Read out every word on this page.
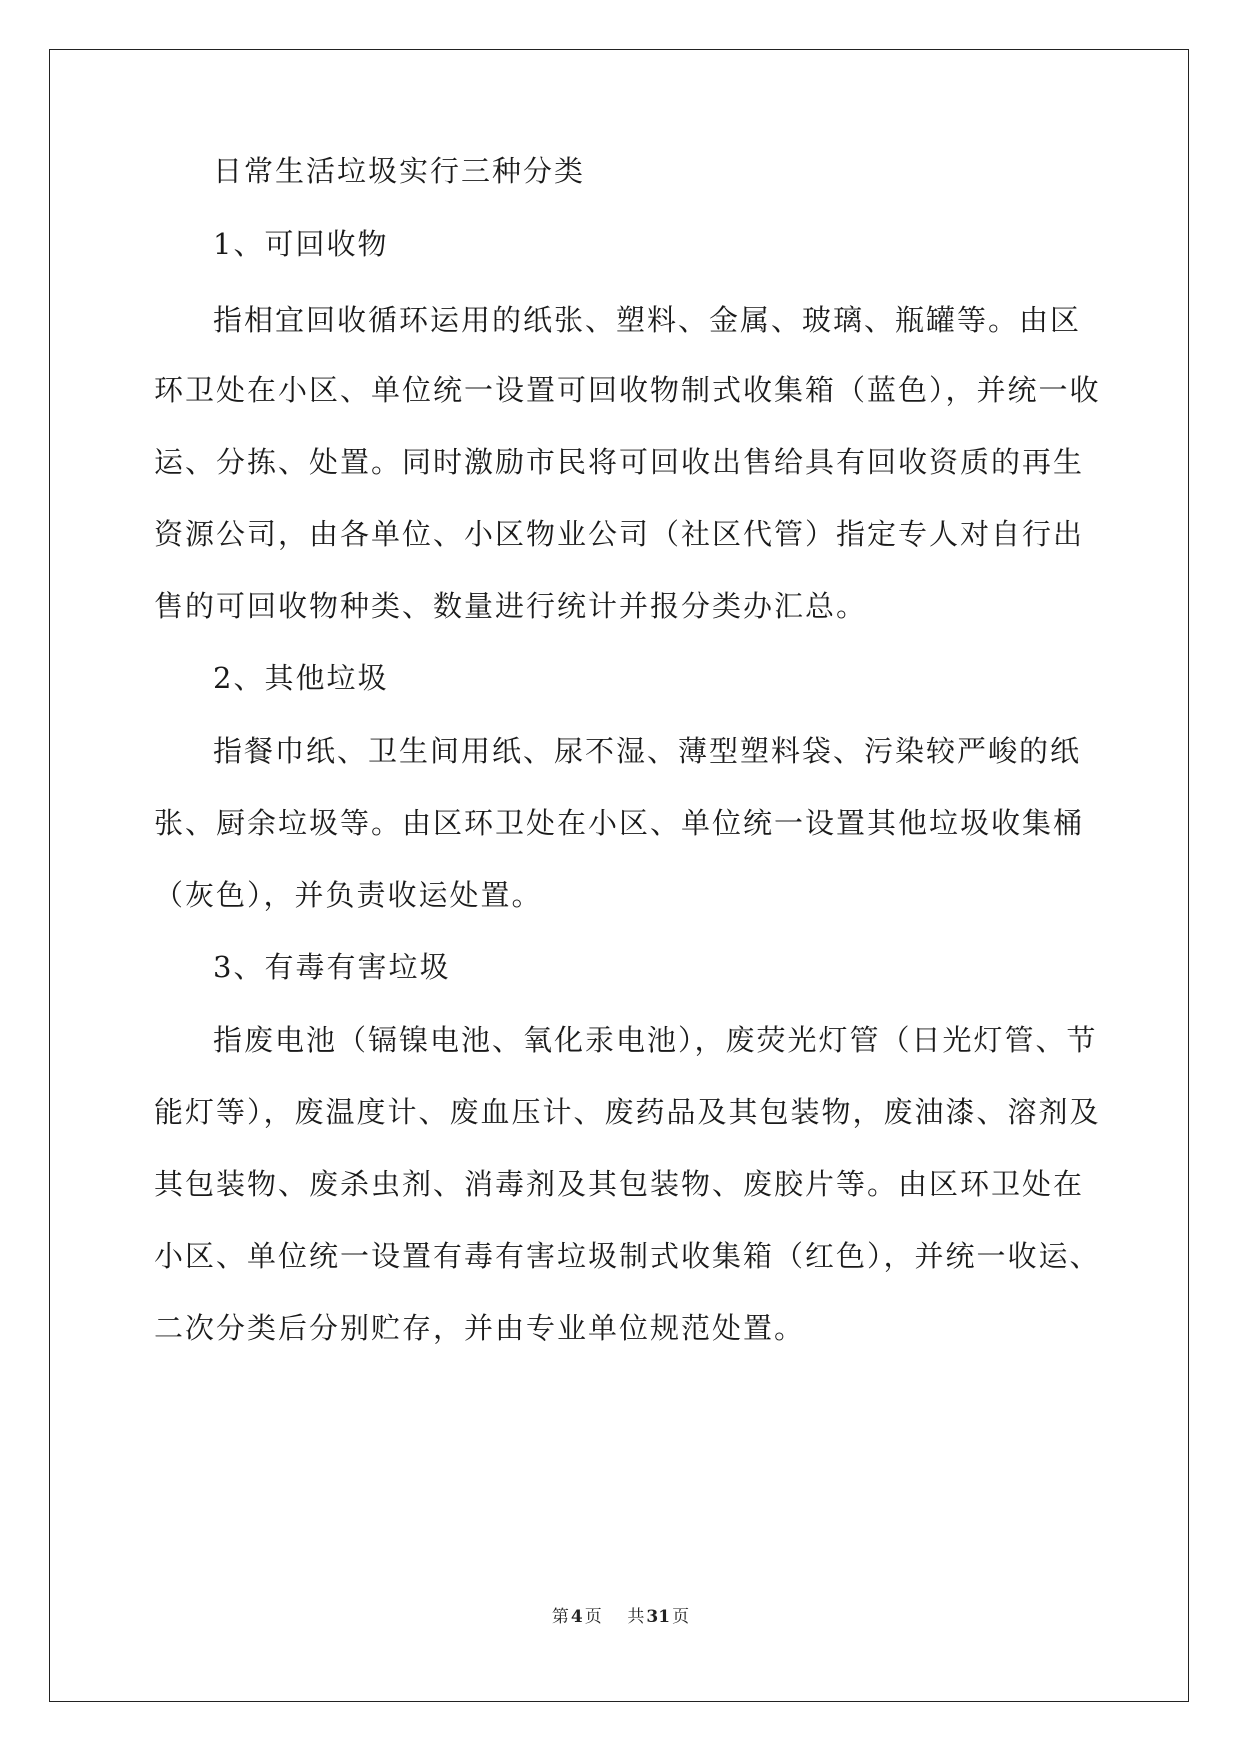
日常生活垃圾实行三种分类
1、可回收物
指相宜回收循环运用的纸张、塑料、金属、玻璃、瓶罐等。由区
环卫处在小区、单位统一设置可回收物制式收集箱（蓝色），并统一收
运、分拣、处置。同时激励市民将可回收出售给具有回收资质的再生
资源公司，由各单位、小区物业公司（社区代管）指定专人对自行出
售的可回收物种类、数量进行统计并报分类办汇总。
2、其他垃圾
指餐巾纸、卫生间用纸、尿不湿、薄型塑料袋、污染较严峻的纸
张、厨余垃圾等。由区环卫处在小区、单位统一设置其他垃圾收集桶
（灰色），并负责收运处置。
3、有毒有害垃圾
指废电池（镉镍电池、氧化汞电池），废荧光灯管（日光灯管、节
能灯等），废温度计、废血压计、废药品及其包装物，废油漆、溶剂及
其包装物、废杀虫剂、消毒剂及其包装物、废胶片等。由区环卫处在
小区、单位统一设置有毒有害垃圾制式收集箱（红色），并统一收运、
二次分类后分别贮存，并由专业单位规范处置。
第 4 页 共 31 页
